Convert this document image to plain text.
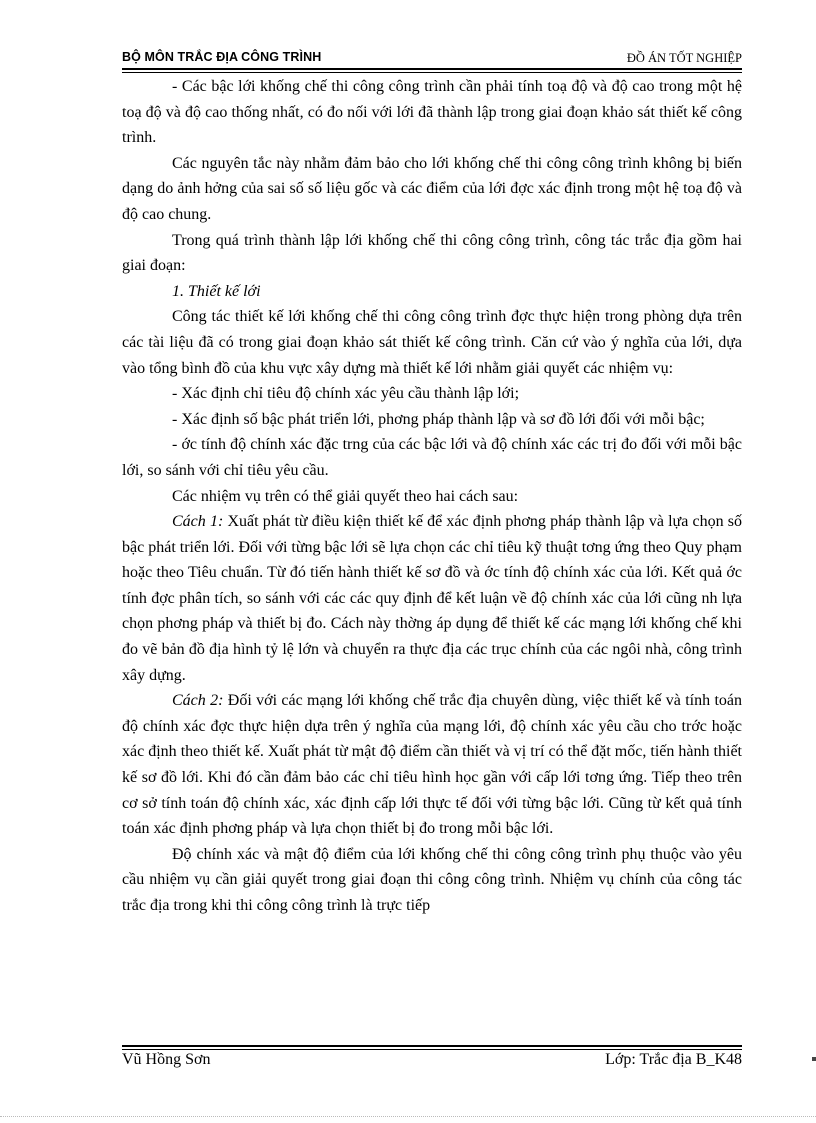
BỘ MÔN TRẮC ĐỊA CÔNG TRÌNH	ĐỒ ÁN TỐT NGHIỆP

- Các bậc lới khống chế thi công công trình cần phải tính toạ độ và độ cao trong một hệ toạ độ và độ cao thống nhất, có đo nối với lới đã thành lập trong giai đoạn khảo sát thiết kế công trình.

Các nguyên tắc này nhằm đảm bảo cho lới khống chế thi công công trình không bị biến dạng do ảnh hởng của sai số số liệu gốc và các điểm của lới đợc xác định trong một hệ toạ độ và độ cao chung.

Trong quá trình thành lập lới khống chế thi công công trình, công tác trắc địa gồm hai giai đoạn:

1. Thiết kế lới

Công tác thiết kế lới khống chế thi công công trình đợc thực hiện trong phòng dựa trên các tài liệu đã có trong giai đoạn khảo sát thiết kế công trình. Căn cứ vào ý nghĩa của lới, dựa vào tổng bình đồ của khu vực xây dựng mà thiết kế lới nhằm giải quyết các nhiệm vụ:

- Xác định chỉ tiêu độ chính xác yêu cầu thành lập lới;

- Xác định số bậc phát triển lới, phơng pháp thành lập và sơ đồ lới đối với mỗi bậc;

- ớc tính độ chính xác đặc trng của các bậc lới và độ chính xác các trị đo đối với mỗi bậc lới, so sánh với chỉ tiêu yêu cầu.

Các nhiệm vụ trên có thể giải quyết theo hai cách sau:

Cách 1: Xuất phát từ điều kiện thiết kế để xác định phơng pháp thành lập và lựa chọn số bậc phát triển lới. Đối với từng bậc lới sẽ lựa chọn các chỉ tiêu kỹ thuật tơng ứng theo Quy phạm hoặc theo Tiêu chuẩn. Từ đó tiến hành thiết kế sơ đồ và ớc tính độ chính xác của lới. Kết quả ớc tính đợc phân tích, so sánh với các các quy định để kết luận về độ chính xác của lới cũng nh lựa chọn phơng pháp và thiết bị đo. Cách này thờng áp dụng để thiết kế các mạng lới khống chế khi đo vẽ bản đồ địa hình tỷ lệ lớn và chuyển ra thực địa các trục chính của các ngôi nhà, công trình xây dựng.

Cách 2: Đối với các mạng lới khống chế trắc địa chuyên dùng, việc thiết kế và tính toán độ chính xác đợc thực hiện dựa trên ý nghĩa của mạng lới, độ chính xác yêu cầu cho trớc hoặc xác định theo thiết kế. Xuất phát từ mật độ điểm cần thiết và vị trí có thể đặt mốc, tiến hành thiết kế sơ đồ lới. Khi đó cần đảm bảo các chỉ tiêu hình học gần với cấp lới tơng ứng. Tiếp theo trên cơ sở tính toán độ chính xác, xác định cấp lới thực tế đối với từng bậc lới. Cũng từ kết quả tính toán xác định phơng pháp và lựa chọn thiết bị đo trong mỗi bậc lới.

Độ chính xác và mật độ điểm của lới khống chế thi công công trình phụ thuộc vào yêu cầu nhiệm vụ cần giải quyết trong giai đoạn thi công công trình. Nhiệm vụ chính của công tác trắc địa trong khi thi công công trình là trực tiếp

Vũ Hồng Sơn	Lớp: Trắc địa B_K48
